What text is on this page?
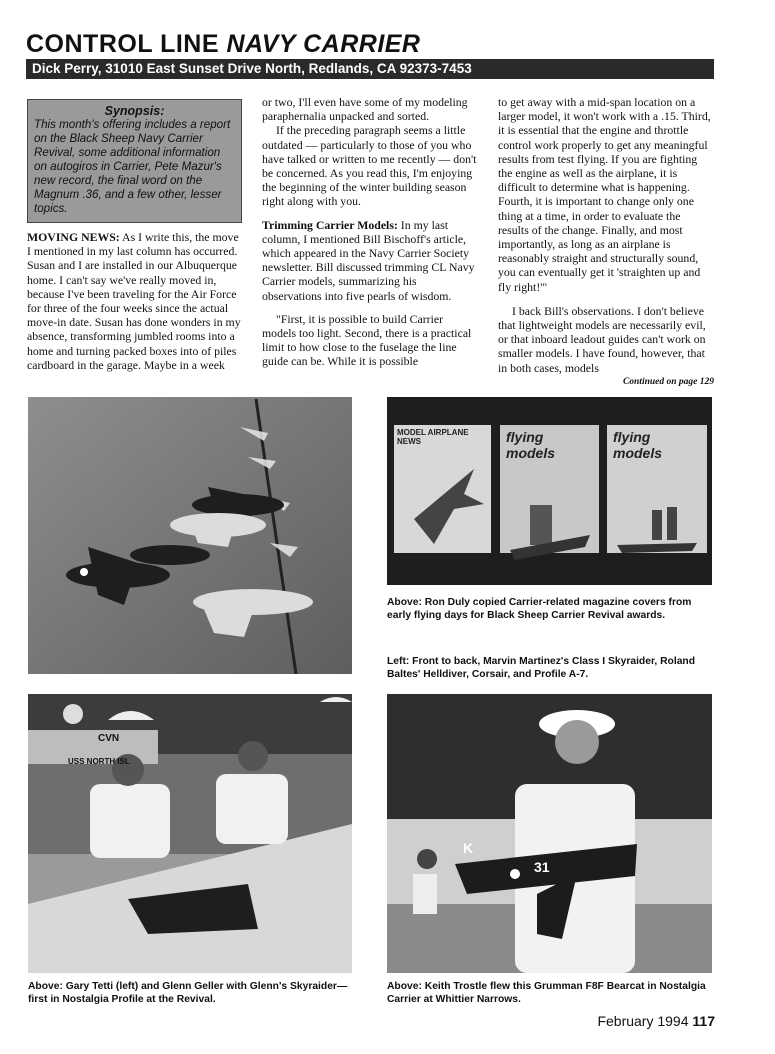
CONTROL LINE NAVY CARRIER
Dick Perry, 31010 East Sunset Drive North, Redlands, CA 92373-7453
Synopsis:
This month's offering includes a report on the Black Sheep Navy Carrier Revival, some additional information on autogiros in Carrier, Pete Mazur's new record, the final word on the Magnum .36, and a few other, lesser topics.

MOVING NEWS: As I write this, the move I mentioned in my last column has occurred. Susan and I are installed in our Albuquerque home. I can't say we've really moved in, because I've been traveling for the Air Force for three of the four weeks since the actual move-in date. Susan has done wonders in my absence, transforming jumbled rooms into a home and turning packed boxes into of piles cardboard in the garage. Maybe in a week

or two, I'll even have some of my modeling paraphernalia unpacked and sorted.

If the preceding paragraph seems a little outdated — particularly to those of you who have talked or written to me recently — don't be concerned. As you read this, I'm enjoying the beginning of the winter building season right along with you.

Trimming Carrier Models: In my last column, I mentioned Bill Bischoff's article, which appeared in the Navy Carrier Society newsletter. Bill discussed trimming CL Navy Carrier models, summarizing his observations into five pearls of wisdom.

"First, it is possible to build Carrier models too light. Second, there is a practical limit to how close to the fuselage the line guide can be. While it is possible

to get away with a mid-span location on a larger model, it won't work with a .15. Third, it is essential that the engine and throttle control work properly to get any meaningful results from test flying. If you are fighting the engine as well as the airplane, it is difficult to determine what is happening. Fourth, it is important to change only one thing at a time, in order to evaluate the results of the change. Finally, and most importantly, as long as an airplane is reasonably straight and structurally sound, you can eventually get it 'straighten up and fly right!'"

I back Bill's observations. I don't believe that lightweight models are necessarily evil, or that inboard leadout guides can't work on smaller models. I have found, however, that in both cases, models

Continued on page 129
MODEL AIRPLANE NEWS	flying models
flying models
Above: Ron Duly copied Carrier-related magazine covers from early flying days for Black Sheep Carrier Revival awards.
Left: Front to back, Marvin Martinez's Class I Skyraider, Roland Baltes' Helldiver, Corsair, and Profile A-7.
USS NORTH ISL
CVN
K
31
Above: Gary Tetti (left) and Glenn Geller with Glenn's Skyraider—first in Nostalgia Profile at the Revival.
Above: Keith Trostle flew this Grumman F8F Bearcat in Nostalgia Carrier at Whittier Narrows.
February 1994 117
